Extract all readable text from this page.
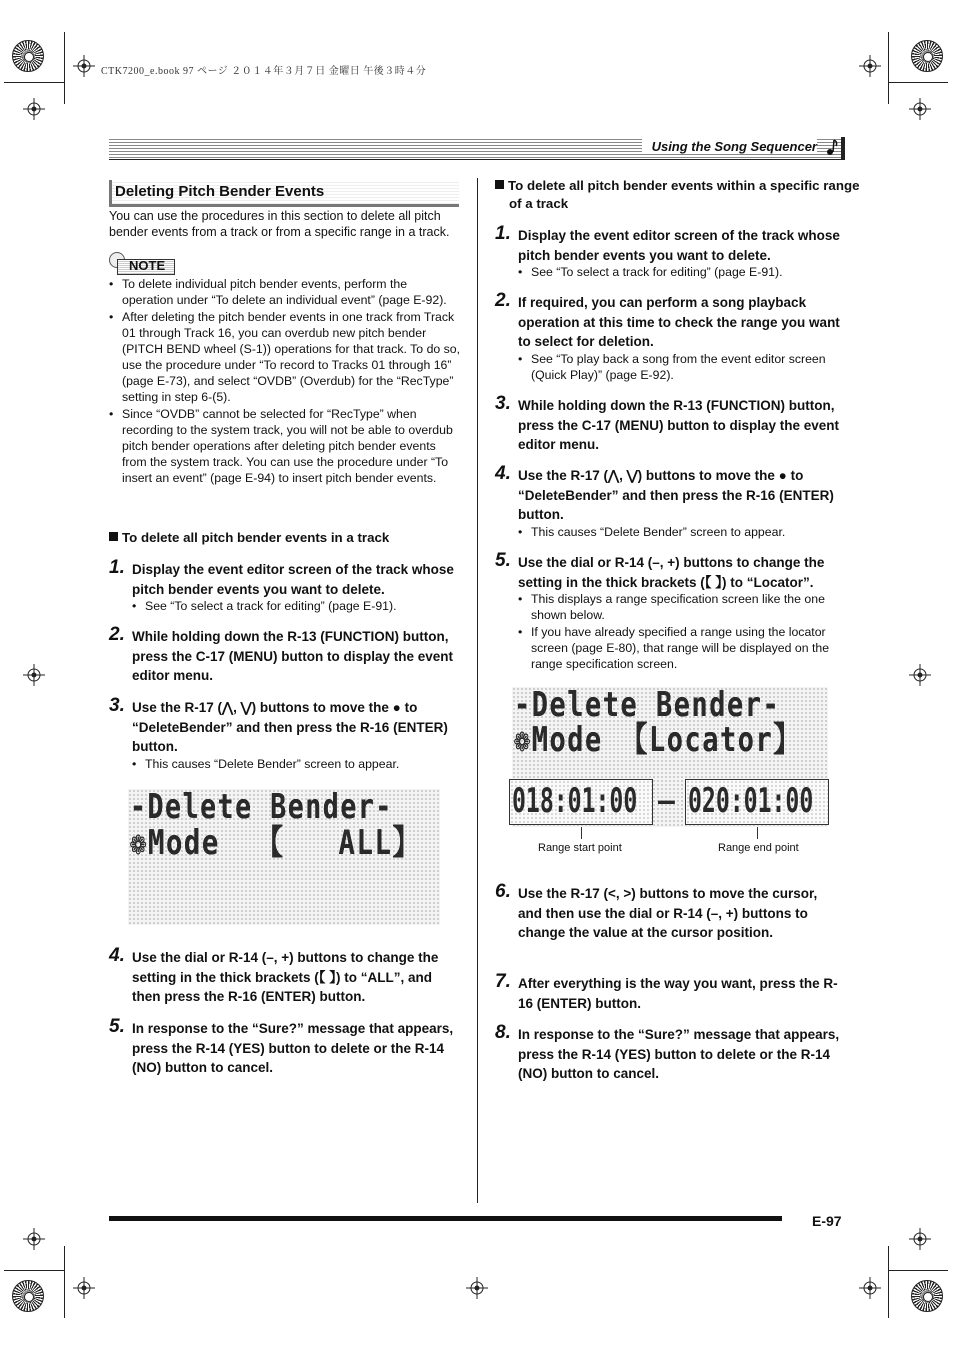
CTK7200_e.book 97 ページ ２０１４年３月７日 金曜日 午後３時４分
Using the Song Sequencer
Deleting Pitch Bender Events

You can use the procedures in this section to delete all pitch bender events from a track or from a specific range in a track.

NOTE
• To delete individual pitch bender events, perform the operation under “To delete an individual event” (page E-92).
• After deleting the pitch bender events in one track from Track 01 through Track 16, you can overdub new pitch bender (PITCH BEND wheel (S-1)) operations for that track. To do so, use the procedure under “To record to Tracks 01 through 16” (page E-73), and select “OVDB” (Overdub) for the “RecType” setting in step 6-(5).
• Since “OVDB” cannot be selected for “RecType” when recording to the system track, you will not be able to overdub pitch bender operations after deleting pitch bender events from the system track. You can use the procedure under “To insert an event” (page E-94) to insert pitch bender events.
To delete all pitch bender events in a track
1. Display the event editor screen of the track whose pitch bender events you want to delete.
• See “To select a track for editing” (page E-91).
2. While holding down the R-13 (FUNCTION) button, press the C-17 (MENU) button to display the event editor menu.
3. Use the R-17 (⋀, ⋁) buttons to move the ● to “DeleteBender” and then press the R-16 (ENTER) button.
• This causes “Delete Bender” screen to appear.
-Delete Bender-
❁Mode  【   ALL】
4. Use the dial or R-14 (–, +) buttons to change the setting in the thick brackets (【 】) to “ALL”, and then press the R-16 (ENTER) button.
5. In response to the “Sure?” message that appears, press the R-14 (YES) button to delete or the R-14 (NO) button to cancel.
To delete all pitch bender events within a specific range of a track
1. Display the event editor screen of the track whose pitch bender events you want to delete.
• See “To select a track for editing” (page E-91).
2. If required, you can perform a song playback operation at this time to check the range you want to select for deletion.
• See “To play back a song from the event editor screen (Quick Play)” (page E-92).
3. While holding down the R-13 (FUNCTION) button, press the C-17 (MENU) button to display the event editor menu.
4. Use the R-17 (⋀, ⋁) buttons to move the ● to “DeleteBender” and then press the R-16 (ENTER) button.
• This causes “Delete Bender” screen to appear.
5. Use the dial or R-14 (–, +) buttons to change the setting in the thick brackets (【 】) to “Locator”.
• This displays a range specification screen like the one shown below.
• If you have already specified a range using the locator screen (page E-80), that range will be displayed on the range specification screen.
-Delete Bender-
❁Mode 【Locator】
018:01:00 – 020:01:00
Range start point	Range end point
6. Use the R-17 (<, >) buttons to move the cursor, and then use the dial or R-14 (–, +) buttons to change the value at the cursor position.
7. After everything is the way you want, press the R-16 (ENTER) button.
8. In response to the “Sure?” message that appears, press the R-14 (YES) button to delete or the R-14 (NO) button to cancel.
E-97
